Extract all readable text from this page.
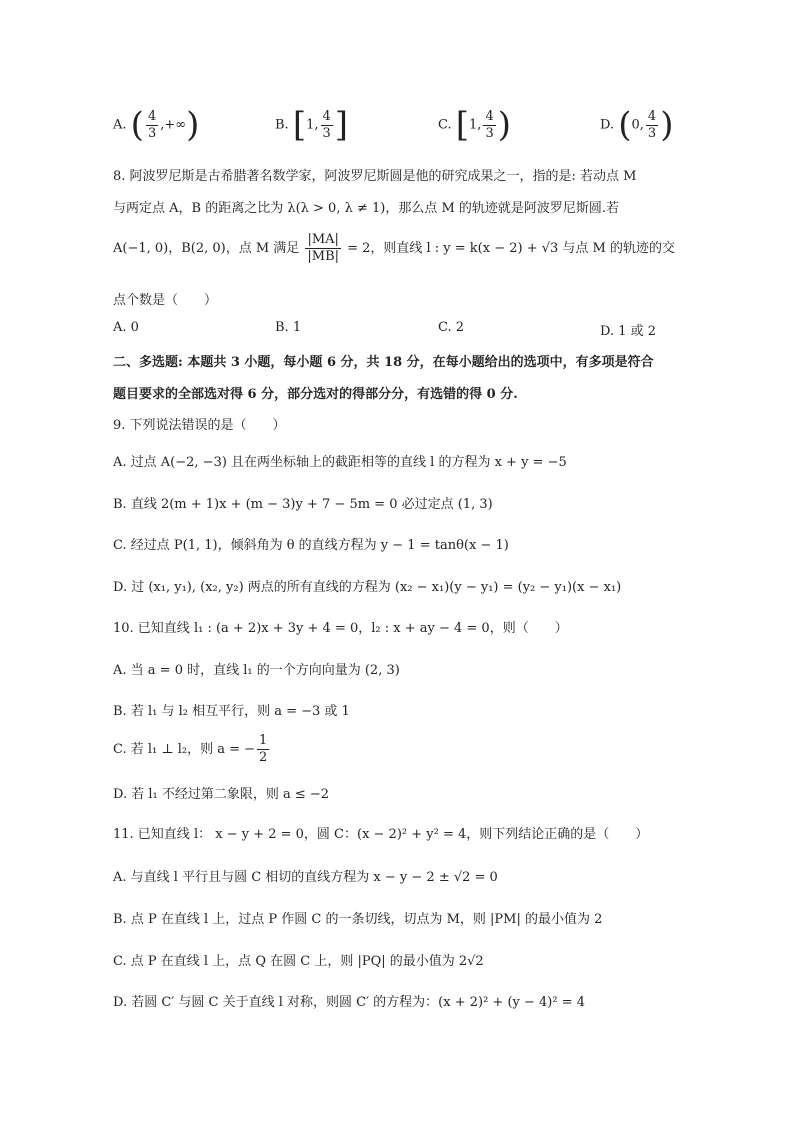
A. ( $\frac{4}{3}$ ,+∞)	B. [1, $\frac{4}{3}$ ]	C. [1, $\frac{4}{3}$ )	D. (0, $\frac{4}{3}$ )
8. 阿波罗尼斯是古希腊著名数学家，阿波罗尼斯圆是他的研究成果之一，指的是: 若动点 M
与两定点 A，B 的距离之比为 λ(λ > 0, λ ≠ 1)，那么点 M 的轨迹就是阿波罗尼斯圆.若
A(−1, 0)，B(2, 0)，点 M 满足 $\frac{|MA|}{|MB|} = 2$，则直线 l : y = k(x − 2) + √3 与点 M 的轨迹的交
点个数是（　　）
A. 0	B. 1	C. 2	D. 1 或 2
二、多选题: 本题共 3 小题，每小题 6 分，共 18 分，在每小题给出的选项中，有多项是符合
题目要求的全部选对得 6 分，部分选对的得部分分，有选错的得 0 分.
9. 下列说法错误的是（　　）
A. 过点 A(−2, −3) 且在两坐标轴上的截距相等的直线 l 的方程为 x + y = −5
B. 直线 2(m + 1)x + (m − 3)y + 7 − 5m = 0 必过定点 (1, 3)
C. 经过点 P(1, 1)，倾斜角为 θ 的直线方程为 y − 1 = tanθ(x − 1)
D. 过 (x₁, y₁), (x₂, y₂) 两点的所有直线的方程为 (x₂ − x₁)(y − y₁) = (y₂ − y₁)(x − x₁)
10. 已知直线 l₁ : (a + 2)x + 3y + 4 = 0，l₂ : x + ay − 4 = 0，则（　　）
A. 当 a = 0 时，直线 l₁ 的一个方向向量为 (2, 3)
B. 若 l₁ 与 l₂ 相互平行，则 a = −3 或 1
C. 若 l₁ ⊥ l₂，则 a = − $\frac{1}{2}$
D. 若 l₁ 不经过第二象限，则 a ≤ −2
11. 已知直线 l： x − y + 2 = 0，圆 C：(x − 2)² + y² = 4，则下列结论正确的是（　　）
A. 与直线 l 平行且与圆 C 相切的直线方程为 x − y − 2 ± √2 = 0
B. 点 P 在直线 l 上，过点 P 作圆 C 的一条切线，切点为 M，则 |PM| 的最小值为 2
C. 点 P 在直线 l 上，点 Q 在圆 C 上，则 |PQ| 的最小值为 2√2
D. 若圆 C′ 与圆 C 关于直线 l 对称，则圆 C′ 的方程为：(x + 2)² + (y − 4)² = 4
